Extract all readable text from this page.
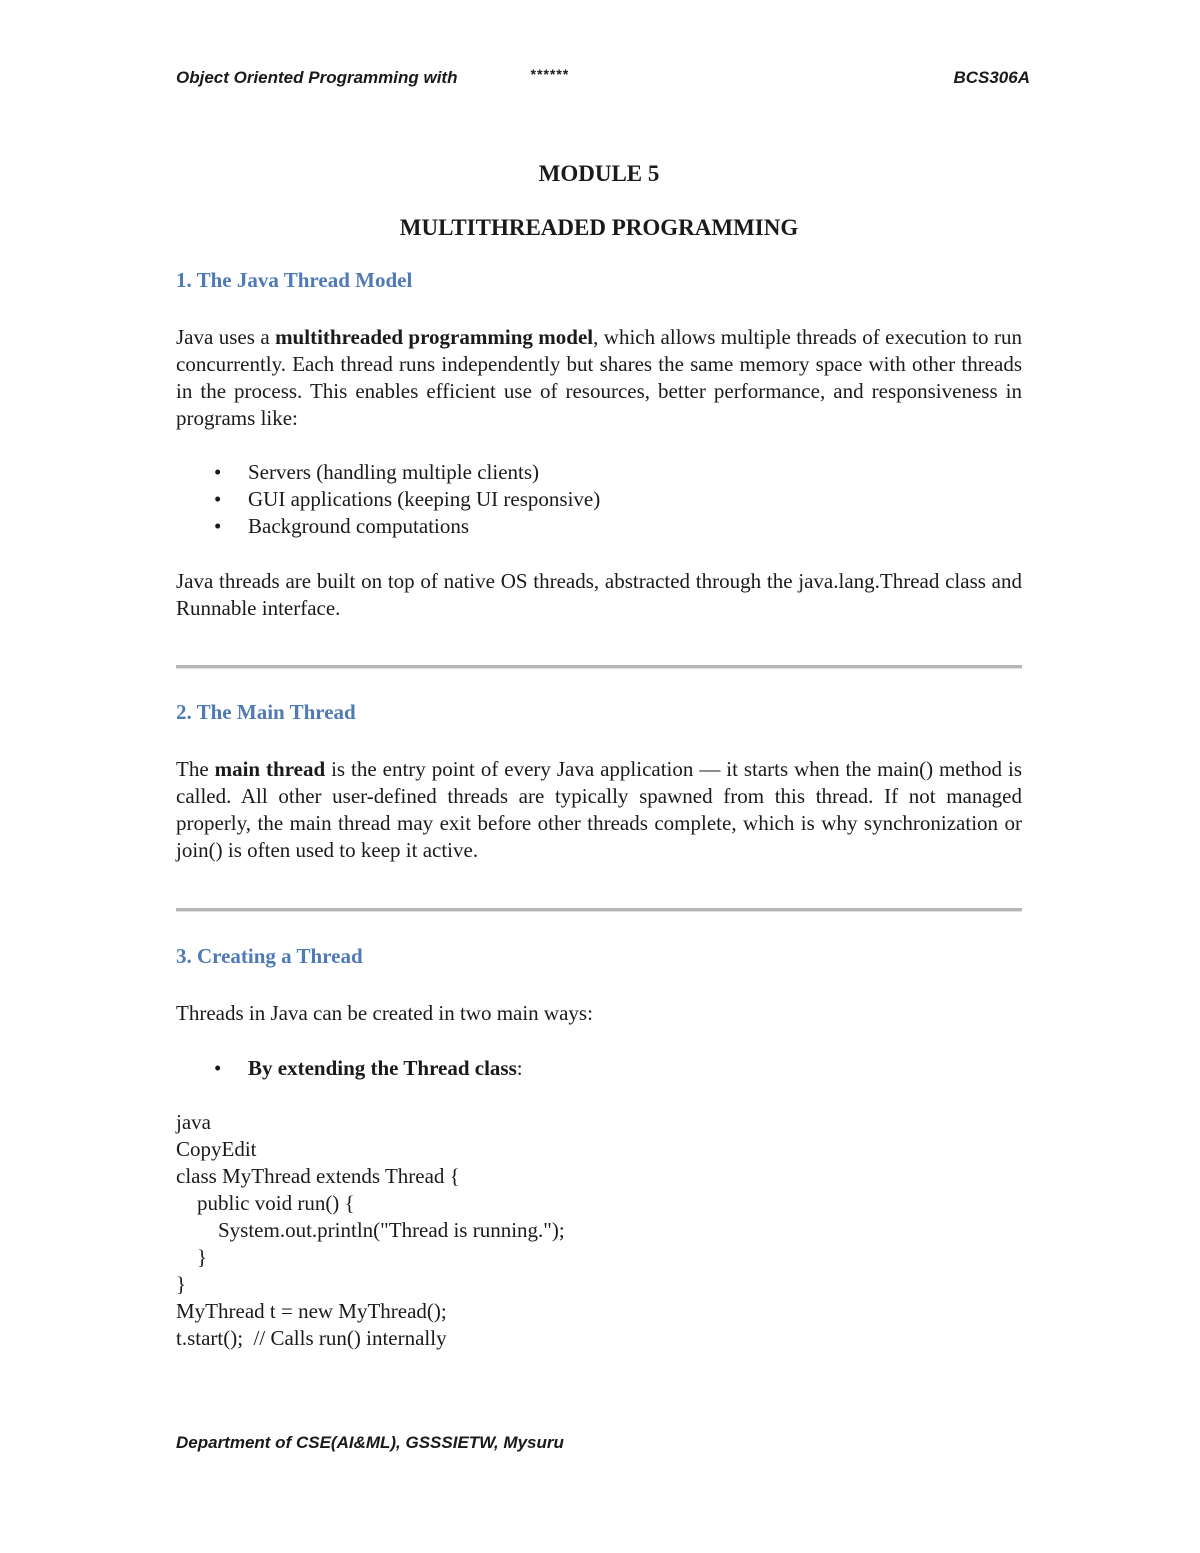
Object Oriented Programming with	******	BCS306A

MODULE 5

MULTITHREADED PROGRAMMING

1. The Java Thread Model

Java uses a multithreaded programming model, which allows multiple threads of execution to run concurrently. Each thread runs independently but shares the same memory space with other threads in the process. This enables efficient use of resources, better performance, and responsiveness in programs like:

• Servers (handling multiple clients)
• GUI applications (keeping UI responsive)
• Background computations

Java threads are built on top of native OS threads, abstracted through the java.lang.Thread class and Runnable interface.

2. The Main Thread

The main thread is the entry point of every Java application — it starts when the main() method is called. All other user-defined threads are typically spawned from this thread. If not managed properly, the main thread may exit before other threads complete, which is why synchronization or join() is often used to keep it active.

3. Creating a Thread

Threads in Java can be created in two main ways:

• By extending the Thread class:

java

CopyEdit

class MyThread extends Thread {

public void run() {

System.out.println("Thread is running.");

}

}

MyThread t = new MyThread();

t.start();  // Calls run() internally

Department of CSE(AI&ML), GSSSIETW, Mysuru
